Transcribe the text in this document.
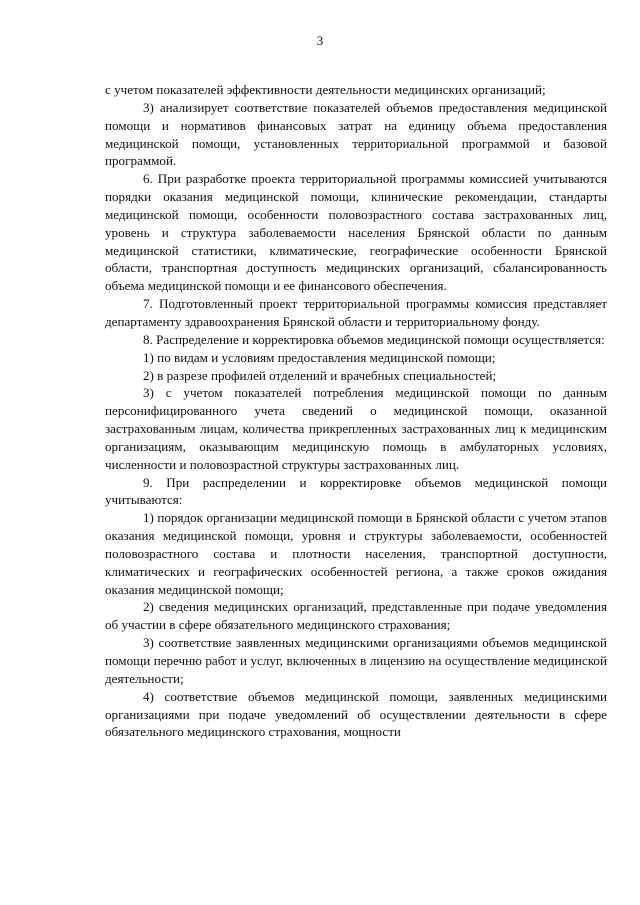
3

с учетом показателей эффективности деятельности медицинских организаций;

3) анализирует соответствие показателей объемов предоставления медицинской помощи и нормативов финансовых затрат на единицу объема предоставления медицинской помощи, установленных территориальной программой и базовой программой.

6. При разработке проекта территориальной программы комиссией учитываются порядки оказания медицинской помощи, клинические рекомендации, стандарты медицинской помощи, особенности половозрастного состава застрахованных лиц, уровень и структура заболеваемости населения Брянской области по данным медицинской статистики, климатические, географические особенности Брянской области, транспортная доступность медицинских организаций, сбалансированность объема медицинской помощи и ее финансового обеспечения.

7. Подготовленный проект территориальной программы комиссия представляет департаменту здравоохранения Брянской области и территориальному фонду.

8. Распределение и корректировка объемов медицинской помощи осуществляется:

1) по видам и условиям предоставления медицинской помощи;

2) в разрезе профилей отделений и врачебных специальностей;

3) с учетом показателей потребления медицинской помощи по данным персонифицированного учета сведений о медицинской помощи, оказанной застрахованным лицам, количества прикрепленных застрахованных лиц к медицинским организациям, оказывающим медицинскую помощь в амбулаторных условиях, численности и половозрастной структуры застрахованных лиц.

9. При распределении и корректировке объемов медицинской помощи учитываются:

1) порядок организации медицинской помощи в Брянской области с учетом этапов оказания медицинской помощи, уровня и структуры заболеваемости, особенностей половозрастного состава и плотности населения, транспортной доступности, климатических и географических особенностей региона, а также сроков ожидания оказания медицинской помощи;

2) сведения медицинских организаций, представленные при подаче уведомления об участии в сфере обязательного медицинского страхования;

3) соответствие заявленных медицинскими организациями объемов медицинской помощи перечню работ и услуг, включенных в лицензию на осуществление медицинской деятельности;

4) соответствие объемов медицинской помощи, заявленных медицинскими организациями при подаче уведомлений об осуществлении деятельности в сфере обязательного медицинского страхования, мощности
